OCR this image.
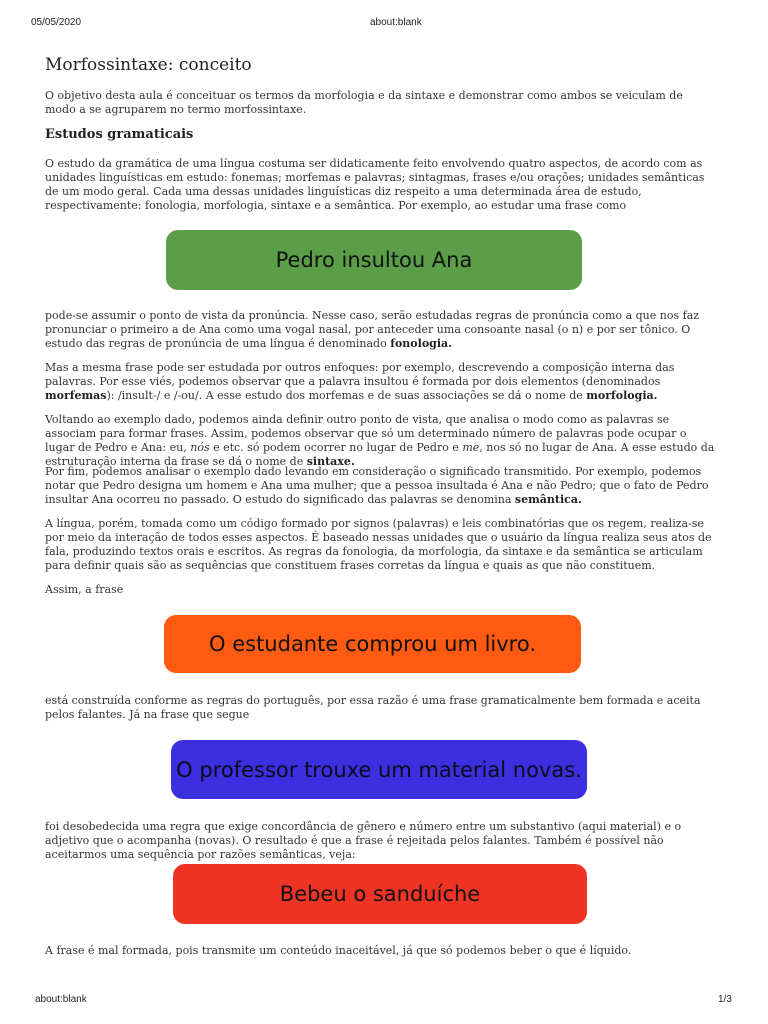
05/05/2020	about:blank
Morfossintaxe: conceito

O objetivo desta aula é conceituar os termos da morfologia e da sintaxe e demonstrar como ambos se veiculam de modo a se agruparem no termo morfossintaxe.

Estudos gramaticais

O estudo da gramática de uma língua costuma ser didaticamente feito envolvendo quatro aspectos, de acordo com as unidades linguísticas em estudo: fonemas; morfemas e palavras; sintagmas, frases e/ou orações; unidades semânticas de um modo geral. Cada uma dessas unidades linguísticas diz respeito a uma determinada área de estudo, respectivamente: fonologia, morfologia, sintaxe e a semântica. Por exemplo, ao estudar uma frase como

Pedro insultou Ana

pode-se assumir o ponto de vista da pronúncia. Nesse caso, serão estudadas regras de pronúncia como a que nos faz pronunciar o primeiro a de Ana como uma vogal nasal, por anteceder uma consoante nasal (o n) e por ser tônico. O estudo das regras de pronúncia de uma língua é denominado fonologia.

Mas a mesma frase pode ser estudada por outros enfoques: por exemplo, descrevendo a composição interna das palavras. Por esse viés, podemos observar que a palavra insultou é formada por dois elementos (denominados morfemas): /insult-/ e /-ou/. A esse estudo dos morfemas e de suas associações se dá o nome de morfologia.

Voltando ao exemplo dado, podemos ainda definir outro ponto de vista, que analisa o modo como as palavras se associam para formar frases. Assim, podemos observar que só um determinado número de palavras pode ocupar o lugar de Pedro e Ana: eu, nós e etc. só podem ocorrer no lugar de Pedro e me, nos só no lugar de Ana. A esse estudo da estruturação interna da frase se dá o nome de sintaxe.

Por fim, podemos analisar o exemplo dado levando em consideração o significado transmitido. Por exemplo, podemos notar que Pedro designa um homem e Ana uma mulher; que a pessoa insultada é Ana e não Pedro; que o fato de Pedro insultar Ana ocorreu no passado. O estudo do significado das palavras se denomina semântica.

A língua, porém, tomada como um código formado por signos (palavras) e leis combinatórias que os regem, realiza-se por meio da interação de todos esses aspectos. É baseado nessas unidades que o usuário da língua realiza seus atos de fala, produzindo textos orais e escritos. As regras da fonologia, da morfologia, da sintaxe e da semântica se articulam para definir quais são as sequências que constituem frases corretas da língua e quais as que não constituem.

Assim, a frase

O estudante comprou um livro.

está construída conforme as regras do português, por essa razão é uma frase gramaticalmente bem formada e aceita pelos falantes. Já na frase que segue

O professor trouxe um material novas.

foi desobedecida uma regra que exige concordância de gênero e número entre um substantivo (aqui material) e o adjetivo que o acompanha (novas). O resultado é que a frase é rejeitada pelos falantes. Também é possível não aceitarmos uma sequência por razões semânticas, veja:

Bebeu o sanduíche

A frase é mal formada, pois transmite um conteúdo inaceitável, já que só podemos beber o que é líquido.

about:blank	1/3
